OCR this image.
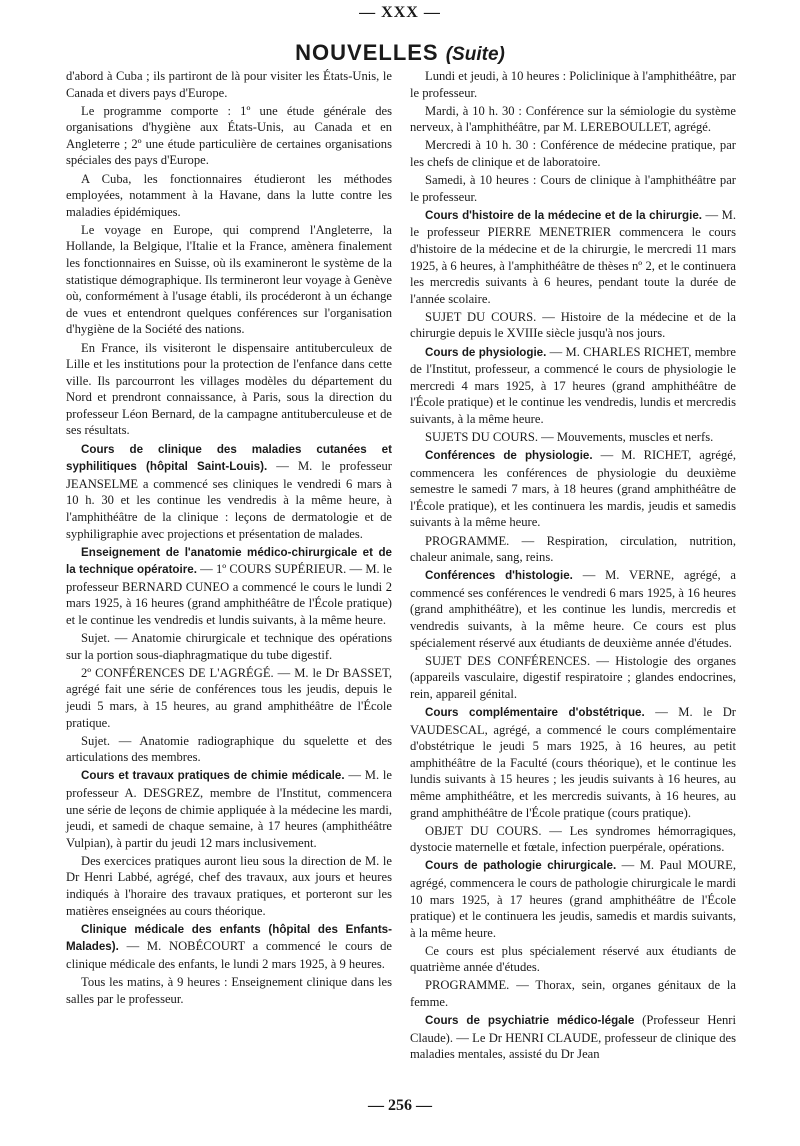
— XXX —
NOUVELLES (Suite)

d'abord à Cuba ; ils partiront de là pour visiter les États-Unis, le Canada et divers pays d'Europe.

Le programme comporte : 1º une étude générale des organisations d'hygiène aux États-Unis, au Canada et en Angleterre ; 2º une étude particulière de certaines organisations spéciales des pays d'Europe.

A Cuba, les fonctionnaires étudieront les méthodes employées, notamment à la Havane, dans la lutte contre les maladies épidémiques.

Le voyage en Europe, qui comprend l'Angleterre, la Hollande, la Belgique, l'Italie et la France, amènera finalement les fonctionnaires en Suisse, où ils examineront le système de la statistique démographique. Ils termineront leur voyage à Genève où, conformément à l'usage établi, ils procéderont à un échange de vues et entendront quelques conférences sur l'organisation d'hygiène de la Société des nations.

En France, ils visiteront le dispensaire antituberculeux de Lille et les institutions pour la protection de l'enfance dans cette ville. Ils parcourront les villages modèles du département du Nord et prendront connaissance, à Paris, sous la direction du professeur Léon Bernard, de la campagne antituberculeuse et de ses résultats.

Cours de clinique des maladies cutanées et syphilitiques (hôpital Saint-Louis). — M. le professeur JEANSELME a commencé ses cliniques le vendredi 6 mars à 10 h. 30 et les continue les vendredis à la même heure, à l'amphithéâtre de la clinique : leçons de dermatologie et de syphiligraphie avec projections et présentation de malades.

Enseignement de l'anatomie médico-chirurgicale et de la technique opératoire. — 1º COURS SUPÉRIEUR. — M. le professeur BERNARD CUNEO a commencé le cours le lundi 2 mars 1925, à 16 heures (grand amphithéâtre de l'École pratique) et le continue les vendredis et lundis suivants, à la même heure.

Sujet. — Anatomie chirurgicale et technique des opérations sur la portion sous-diaphragmatique du tube digestif.

2º CONFÉRENCES DE L'AGRÉGÉ. — M. le Dr BASSET, agrégé fait une série de conférences tous les jeudis, depuis le jeudi 5 mars, à 15 heures, au grand amphithéâtre de l'École pratique.

Sujet. — Anatomie radiographique du squelette et des articulations des membres.

Cours et travaux pratiques de chimie médicale. — M. le professeur A. DESGREZ, membre de l'Institut, commencera une série de leçons de chimie appliquée à la médecine les mardi, jeudi, et samedi de chaque semaine, à 17 heures (amphithéâtre Vulpian), à partir du jeudi 12 mars inclusivement.

Des exercices pratiques auront lieu sous la direction de M. le Dr Henri Labbé, agrégé, chef des travaux, aux jours et heures indiqués à l'horaire des travaux pratiques, et porteront sur les matières enseignées au cours théorique.

Clinique médicale des enfants (hôpital des Enfants-Malades). — M. NOBÉCOURT a commencé le cours de clinique médicale des enfants, le lundi 2 mars 1925, à 9 heures.

Tous les matins, à 9 heures : Enseignement clinique dans les salles par le professeur.

Lundi et jeudi, à 10 heures : Policlinique à l'amphithéâtre, par le professeur.

Mardi, à 10 h. 30 : Conférence sur la sémiologie du système nerveux, à l'amphithéâtre, par M. LEREBOULLET, agrégé.

Mercredi à 10 h. 30 : Conférence de médecine pratique, par les chefs de clinique et de laboratoire.

Samedi, à 10 heures : Cours de clinique à l'amphithéâtre par le professeur.

Cours d'histoire de la médecine et de la chirurgie. — M. le professeur PIERRE MENETRIER commencera le cours d'histoire de la médecine et de la chirurgie, le mercredi 11 mars 1925, à 6 heures, à l'amphithéâtre de thèses nº 2, et le continuera les mercredis suivants à 6 heures, pendant toute la durée de l'année scolaire.

SUJET DU COURS. — Histoire de la médecine et de la chirurgie depuis le XVIIIe siècle jusqu'à nos jours.

Cours de physiologie. — M. CHARLES RICHET, membre de l'Institut, professeur, a commencé le cours de physiologie le mercredi 4 mars 1925, à 17 heures (grand amphithéâtre de l'École pratique) et le continue les vendredis, lundis et mercredis suivants, à la même heure.

SUJETS DU COURS. — Mouvements, muscles et nerfs.

Conférences de physiologie. — M. RICHET, agrégé, commencera les conférences de physiologie du deuxième semestre le samedi 7 mars, à 18 heures (grand amphithéâtre de l'École pratique), et les continuera les mardis, jeudis et samedis suivants à la même heure.

PROGRAMME. — Respiration, circulation, nutrition, chaleur animale, sang, reins.

Conférences d'histologie. — M. VERNE, agrégé, a commencé ses conférences le vendredi 6 mars 1925, à 16 heures (grand amphithéâtre), et les continue les lundis, mercredis et vendredis suivants, à la même heure. Ce cours est plus spécialement réservé aux étudiants de deuxième année d'études.

SUJET DES CONFÉRENCES. — Histologie des organes (appareils vasculaire, digestif respiratoire ; glandes endocrines, rein, appareil génital.

Cours complémentaire d'obstétrique. — M. le Dr VAUDESCAL, agrégé, a commencé le cours complémentaire d'obstétrique le jeudi 5 mars 1925, à 16 heures, au petit amphithéâtre de la Faculté (cours théorique), et le continue les lundis suivants à 15 heures ; les jeudis suivants à 16 heures, au même amphithéâtre, et les mercredis suivants, à 16 heures, au grand amphithéâtre de l'École pratique (cours pratique).

OBJET DU COURS. — Les syndromes hémorragiques, dystocie maternelle et fœtale, infection puerpérale, opérations.

Cours de pathologie chirurgicale. — M. Paul MOURE, agrégé, commencera le cours de pathologie chirurgicale le mardi 10 mars 1925, à 17 heures (grand amphithéâtre de l'École pratique) et le continuera les jeudis, samedis et mardis suivants, à la même heure.

Ce cours est plus spécialement réservé aux étudiants de quatrième année d'études.

PROGRAMME. — Thorax, sein, organes génitaux de la femme.

Cours de psychiatrie médico-légale (Professeur Henri Claude). — Le Dr HENRI CLAUDE, professeur de clinique des maladies mentales, assisté du Dr Jean

— 256 —
